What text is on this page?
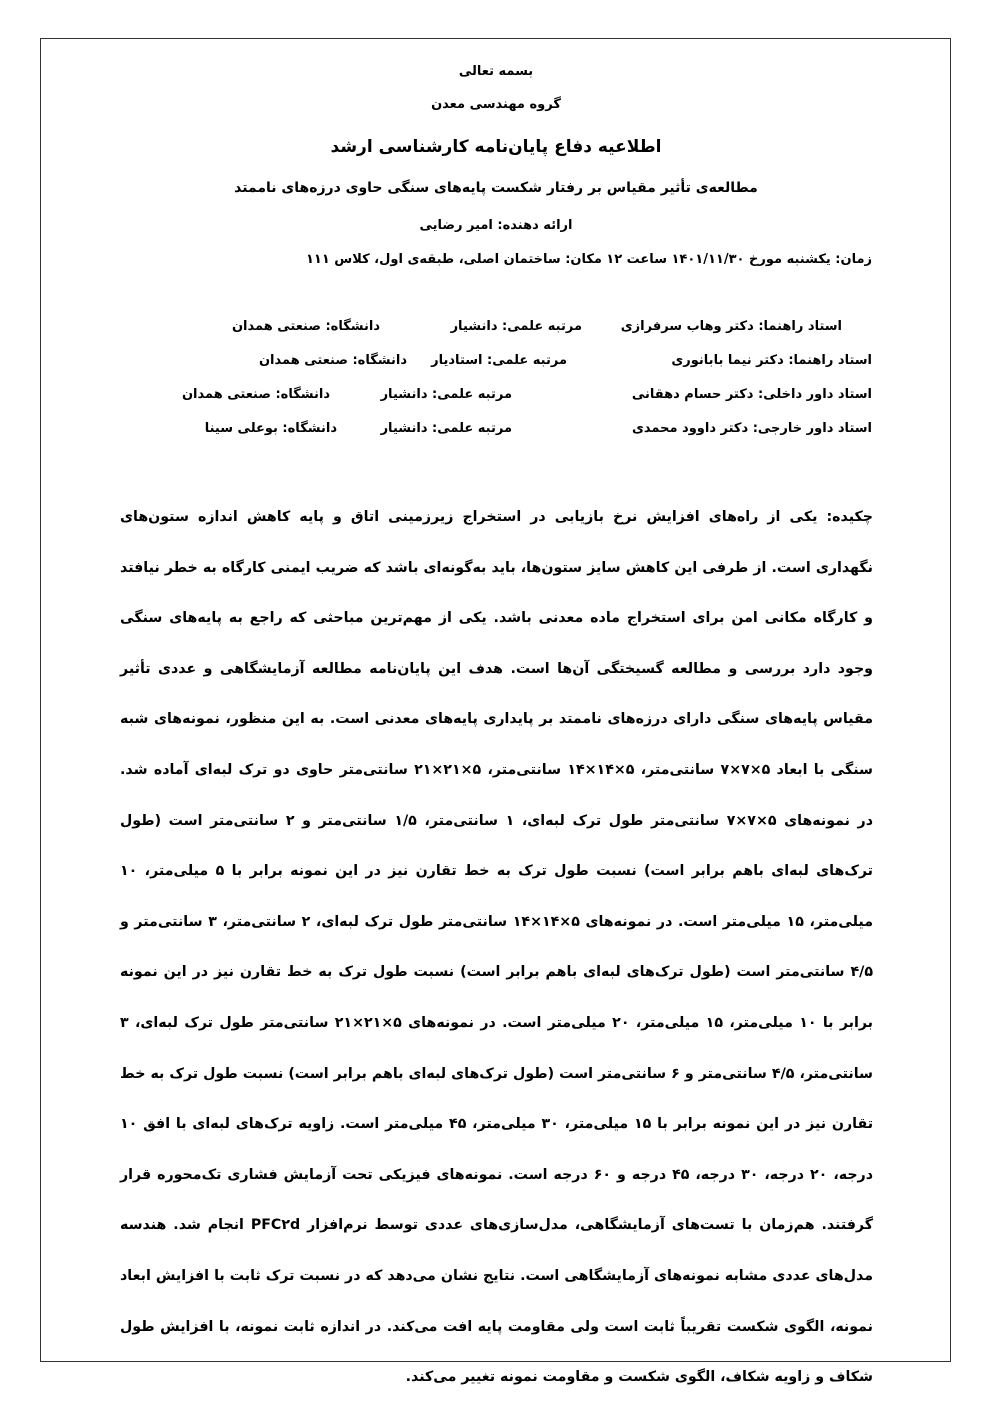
بسمه تعالی
گروه مهندسی معدن
اطلاعیه دفاع پایان‌نامه کارشناسی ارشد
مطالعه‌ی تأثیر مقیاس بر رفتار شکست پایه‌های سنگی حاوی درزه‌های ناممتد
ارائه دهنده: امیر رضایی
زمان: یکشنبه مورخ ۱۴۰۱/۱۱/۳۰ ساعت ۱۲
مکان: ساختمان اصلی، طبقه‌ی اول، کلاس ۱۱۱
استاد راهنما: دکتر وهاب سرفرازی
مرتبه علمی: دانشیار
دانشگاه: صنعتی همدان
استاد راهنما: دکتر نیما بابانوری
مرتبه علمی: استادیار
دانشگاه: صنعتی همدان
استاد داور داخلی: دکتر حسام دهقانی
مرتبه علمی: دانشیار
دانشگاه: صنعتی همدان
استاد داور خارجی: دکتر داوود محمدی
مرتبه علمی: دانشیار
دانشگاه: بوعلی سینا

چکیده: یکی از راه‌های افزایش نرخ بازیابی در استخراج زیرزمینی اتاق و پایه کاهش اندازه ستون‌های نگهداری است. از طرفی این کاهش سایز ستون‌ها، باید به‌گونه‌ای باشد که ضریب ایمنی کارگاه به خطر نیافتد و کارگاه مکانی امن برای استخراج ماده معدنی باشد. یکی از مهم‌ترین مباحثی که راجع به پایه‌های سنگی وجود دارد بررسی و مطالعه گسیختگی آن‌ها است. هدف این پایان‌نامه مطالعه آزمایشگاهی و عددی تأثیر مقیاس پایه‌های سنگی دارای درزه‌های ناممتد بر پایداری پایه‌های معدنی است. به این منظور، نمونه‌های شبه سنگی با ابعاد ۵×۷×۷ سانتی‌متر، ۵×۱۴×۱۴ سانتی‌متر، ۵×۲۱×۲۱ سانتی‌متر حاوی دو ترک لبه‌ای آماده شد. در نمونه‌های ۵×۷×۷ سانتی‌متر طول ترک لبه‌ای، ۱ سانتی‌متر، ۱/۵ سانتی‌متر و ۲ سانتی‌متر است (طول ترک‌های لبه‌ای باهم برابر است) نسبت طول ترک به خط تقارن نیز در این نمونه برابر با ۵ میلی‌متر، ۱۰ میلی‌متر، ۱۵ میلی‌متر است. در نمونه‌های ۵×۱۴×۱۴ سانتی‌متر طول ترک لبه‌ای، ۲ سانتی‌متر، ۳ سانتی‌متر و ۴/۵ سانتی‌متر است (طول ترک‌های لبه‌ای باهم برابر است) نسبت طول ترک به خط تقارن نیز در این نمونه برابر با ۱۰ میلی‌متر، ۱۵ میلی‌متر، ۲۰ میلی‌متر است. در نمونه‌های ۵×۲۱×۲۱ سانتی‌متر طول ترک لبه‌ای، ۳ سانتی‌متر، ۴/۵ سانتی‌متر و ۶ سانتی‌متر است (طول ترک‌های لبه‌ای باهم برابر است) نسبت طول ترک به خط تقارن نیز در این نمونه برابر با ۱۵ میلی‌متر، ۳۰ میلی‌متر، ۴۵ میلی‌متر است. زاویه ترک‌های لبه‌ای با افق ۱۰ درجه، ۲۰ درجه، ۳۰ درجه، ۴۵ درجه و ۶۰ درجه است. نمونه‌های فیزیکی تحت آزمایش فشاری تک‌محوره قرار گرفتند. هم‌زمان با تست‌های آزمایشگاهی، مدل‌سازی‌های عددی توسط نرم‌افزار PFC۲d انجام شد. هندسه مدل‌های عددی مشابه نمونه‌های آزمایشگاهی است. نتایج نشان می‌دهد که در نسبت ترک ثابت با افزایش ابعاد نمونه، الگوی شکست تقریباً ثابت است ولی مقاومت پایه افت می‌کند. در اندازه ثابت نمونه، با افزایش طول شکاف و زاویه شکاف، الگوی شکست و مقاومت نمونه تغییر می‌کند.
